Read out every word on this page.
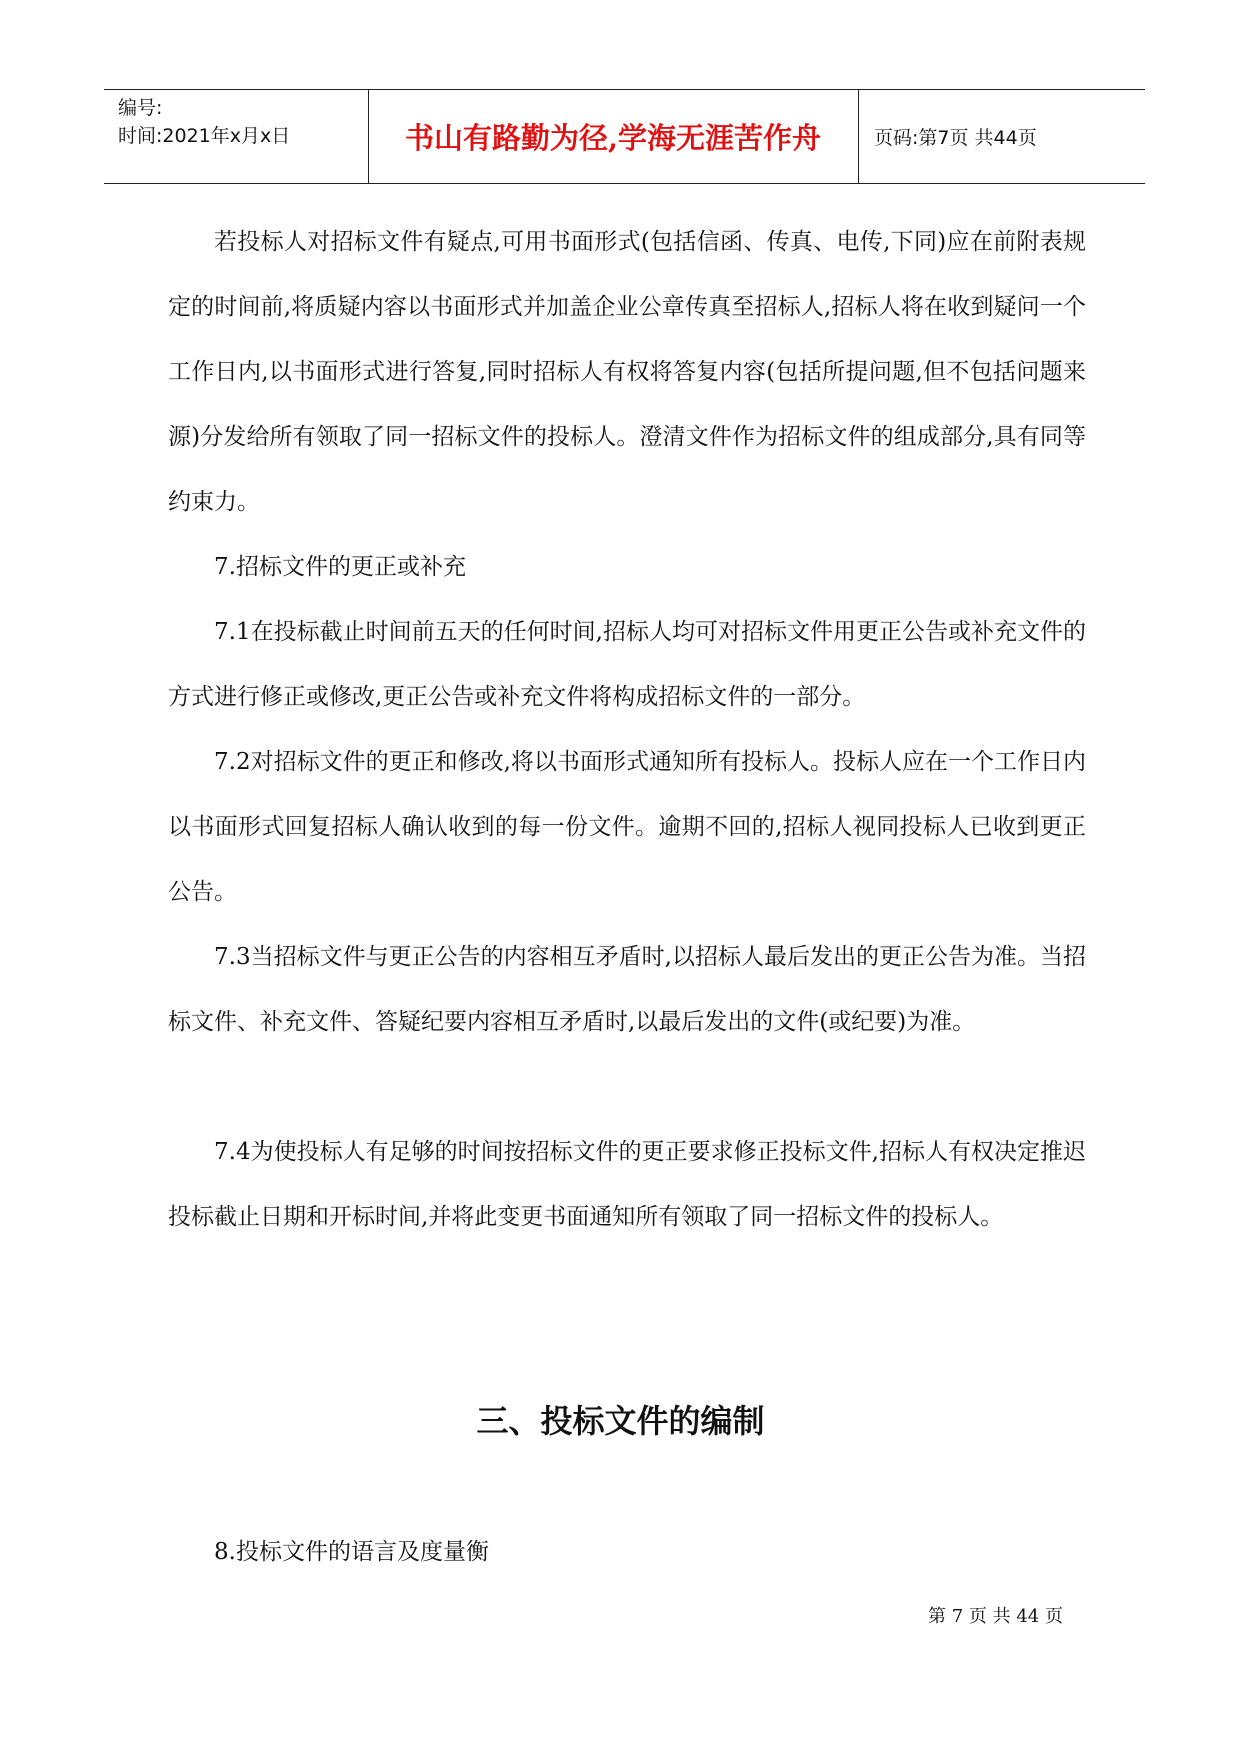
编号:
时间:2021年x月x日	书山有路勤为径,学海无涯苦作舟	页码:第7页 共44页
若投标人对招标文件有疑点,可用书面形式(包括信函、传真、电传,下同)应在前附表规定的时间前,将质疑内容以书面形式并加盖企业公章传真至招标人,招标人将在收到疑问一个工作日内,以书面形式进行答复,同时招标人有权将答复内容(包括所提问题,但不包括问题来源)分发给所有领取了同一招标文件的投标人。澄清文件作为招标文件的组成部分,具有同等约束力。
7.招标文件的更正或补充
7.1在投标截止时间前五天的任何时间,招标人均可对招标文件用更正公告或补充文件的方式进行修正或修改,更正公告或补充文件将构成招标文件的一部分。
7.2对招标文件的更正和修改,将以书面形式通知所有投标人。投标人应在一个工作日内以书面形式回复招标人确认收到的每一份文件。逾期不回的,招标人视同投标人已收到更正公告。
7.3当招标文件与更正公告的内容相互矛盾时,以招标人最后发出的更正公告为准。当招标文件、补充文件、答疑纪要内容相互矛盾时,以最后发出的文件(或纪要)为准。
7.4为使投标人有足够的时间按招标文件的更正要求修正投标文件,招标人有权决定推迟投标截止日期和开标时间,并将此变更书面通知所有领取了同一招标文件的投标人。
三、投标文件的编制
8.投标文件的语言及度量衡
第 7 页 共 44 页
